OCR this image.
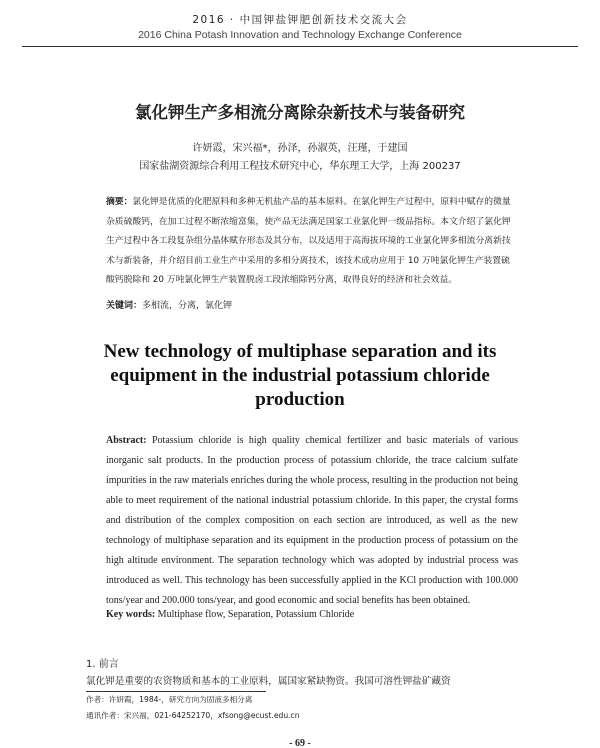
2016 · 中国钾盐钾肥创新技术交流大会
2016 China Potash Innovation and Technology Exchange Conference
氯化钾生产多相流分离除杂新技术与装备研究
许妍霞，宋兴福*，孙泽，孙淑英，汪瑾，于建国
国家盐湖资源综合利用工程技术研究中心，华东理工大学，上海 200237
摘要：氯化钾是优质的化肥原料和多种无机盐产品的基本原料。在氯化钾生产过程中，原料中赋存的微量杂质硫酸钙，在加工过程不断浓缩富集，使产品无法满足国家工业氯化钾一级品指标。本文介绍了氯化钾生产过程中各工段复杂组分晶体赋存形态及其分布，以及适用于高海拔环境的工业氯化钾多相流分离新技术与新装备，并介绍目前工业生产中采用的多相分离技术，该技术成功应用于 10 万吨氯化钾生产装置硫酸钙脱除和 20 万吨氯化钾生产装置脱卤工段浓缩除钙分离，取得良好的经济和社会效益。
关键词：多相流，分离，氯化钾
New technology of multiphase separation and its equipment in the industrial potassium chloride production
Abstract: Potassium chloride is high quality chemical fertilizer and basic materials of various inorganic salt products. In the production process of potassium chloride, the trace calcium sulfate impurities in the raw materials enriches during the whole process, resulting in the production not being able to meet requirement of the national industrial potassium chloride. In this paper, the crystal forms and distribution of the complex composition on each section are introduced, as well as the new technology of multiphase separation and its equipment in the production process of potassium on the high altitude environment. The separation technology which was adopted by industrial process was introduced as well. This technology has been successfully applied in the KCl production with 100.000 tons/year and 200.000 tons/year, and good economic and social benefits has been obtained.
Key words: Multiphase flow, Separation, Potassium Chloride
1. 前言
氯化钾是重要的农资物质和基本的工业原料，属国家紧缺物资。我国可溶性钾盐矿藏资
作者：许妍霞，1984-，研究方向为固液多相分离
通讯作者：宋兴福，021-64252170，xfsong@ecust.edu.cn
- 69 -
